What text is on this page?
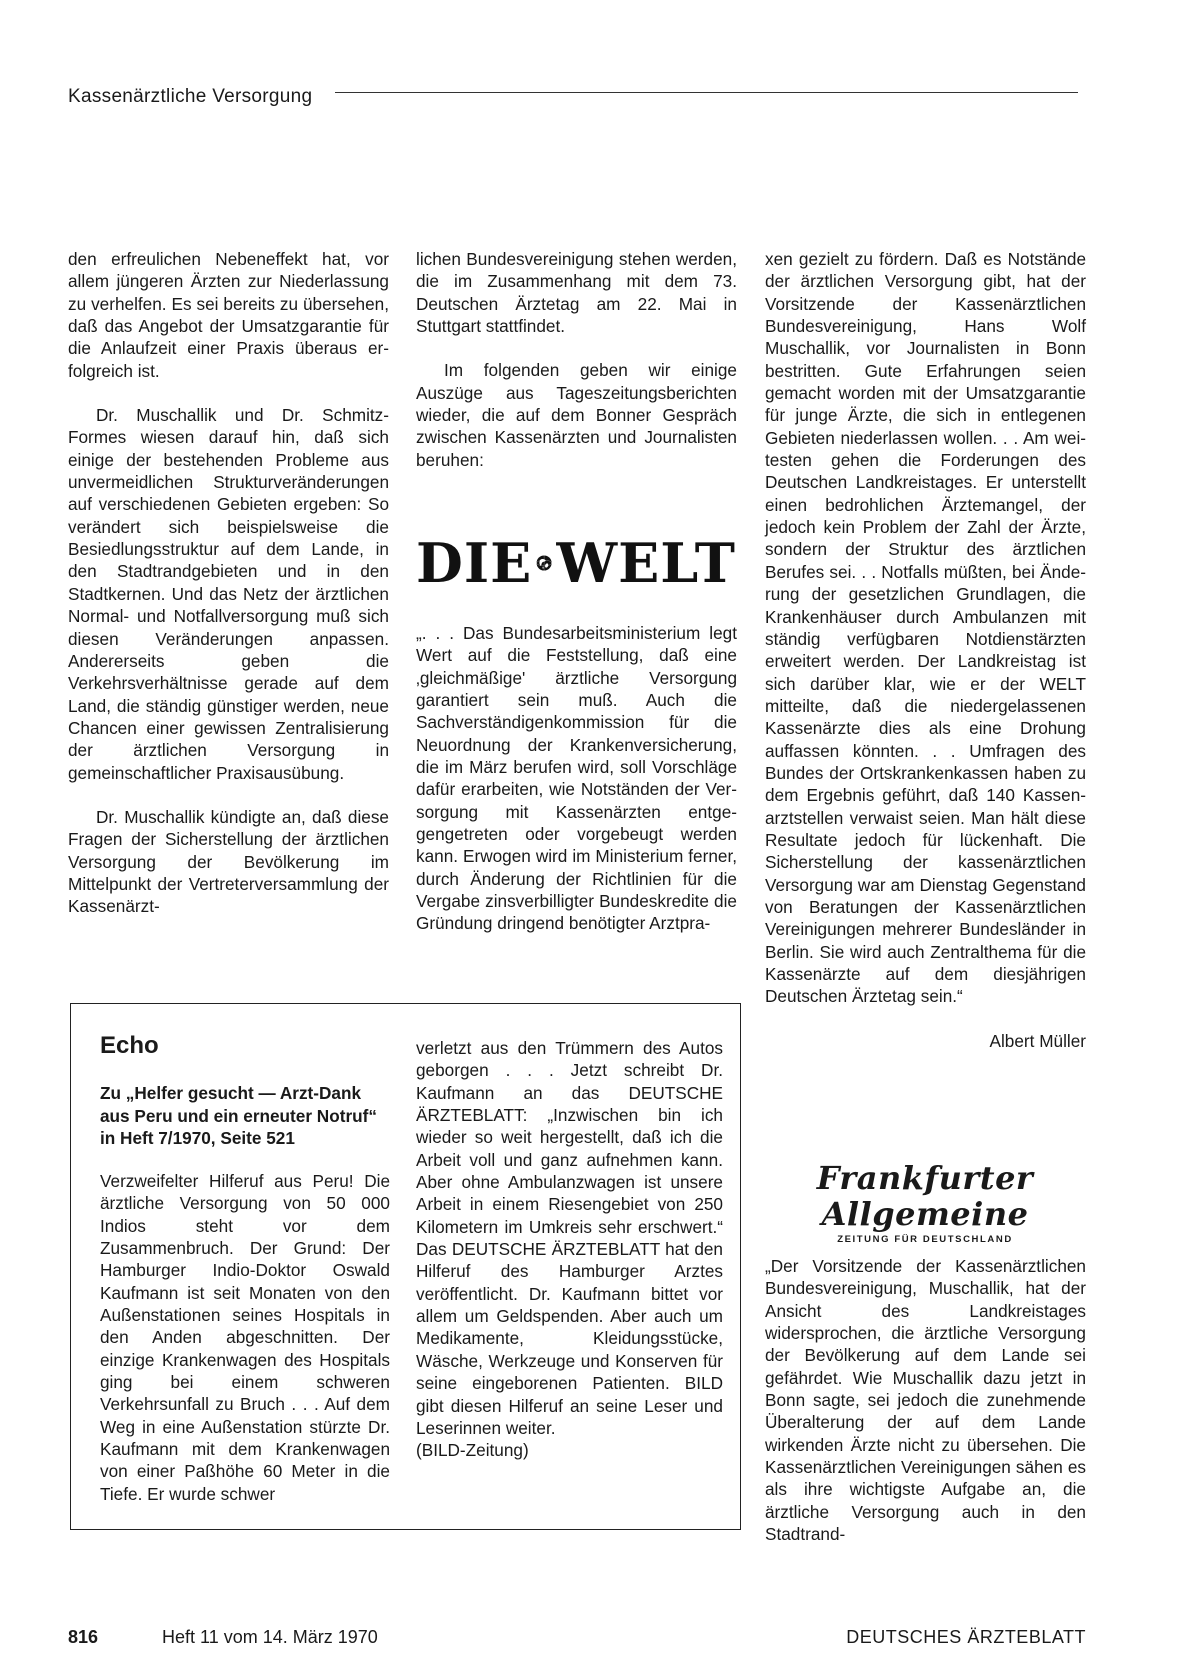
Kassenärztliche Versorgung

den erfreulichen Nebeneffekt hat, vor allem jüngeren Ärzten zur Niederlassung zu verhelfen. Es sei bereits zu übersehen, daß das Angebot der Umsatzgarantie für die Anlaufzeit einer Praxis überaus erfolgreich ist.

Dr. Muschallik und Dr. Schmitz-Formes wiesen darauf hin, daß sich einige der bestehenden Probleme aus unvermeidlichen Strukturveränderungen auf verschiedenen Gebieten ergeben: So verändert sich beispielsweise die Besiedlungsstruktur auf dem Lande, in den Stadtrandgebieten und in den Stadtkernen. Und das Netz der ärztlichen Normal- und Notfallversorgung muß sich diesen Veränderungen anpassen. Andererseits geben die Verkehrsverhältnisse gerade auf dem Land, die ständig günstiger werden, neue Chancen einer gewissen Zentralisierung der ärztlichen Versorgung in gemeinschaftlicher Praxisausübung.

Dr. Muschallik kündigte an, daß diese Fragen der Sicherstellung der ärztlichen Versorgung der Bevölkerung im Mittelpunkt der Vertreterversammlung der Kassenärzt-

lichen Bundesvereinigung stehen werden, die im Zusammenhang mit dem 73. Deutschen Ärztetag am 22. Mai in Stuttgart stattfindet.

Im folgenden geben wir einige Auszüge aus Tageszeitungsberichten wieder, die auf dem Bonner Gespräch zwischen Kassenärzten und Journalisten beruhen:

DIE WELT

„. . . Das Bundesarbeitsministerium legt Wert auf die Feststellung, daß eine ‚gleichmäßige' ärztliche Versorgung garantiert sein muß. Auch die Sachverständigenkommission für die Neuordnung der Krankenversicherung, die im März berufen wird, soll Vorschläge dafür erarbeiten, wie Notständen der Versorgung mit Kassenärzten entgegengetreten oder vorgebeugt werden kann. Erwogen wird im Ministerium ferner, durch Änderung der Richtlinien für die Vergabe zinsverbilligter Bundeskredite die Gründung dringend benötigter Arztpra-

xen gezielt zu fördern. Daß es Notstände der ärztlichen Versorgung gibt, hat der Vorsitzende der Kassenärztlichen Bundesvereinigung, Hans Wolf Muschallik, vor Journalisten in Bonn bestritten. Gute Erfahrungen seien gemacht worden mit der Umsatzgarantie für junge Ärzte, die sich in entlegenen Gebieten niederlassen wollen. . . Am weitesten gehen die Forderungen des Deutschen Landkreistages. Er unterstellt einen bedrohlichen Ärztemangel, der jedoch kein Problem der Zahl der Ärzte, sondern der Struktur des ärztlichen Berufes sei. . . Notfalls müßten, bei Änderung der gesetzlichen Grundlagen, die Krankenhäuser durch Ambulanzen mit ständig verfügbaren Notdienstärzten erweitert werden. Der Landkreistag ist sich darüber klar, wie er der WELT mitteilte, daß die niedergelassenen Kassenärzte dies als eine Drohung auffassen könnten. . . Umfragen des Bundes der Ortskrankenkassen haben zu dem Ergebnis geführt, daß 140 Kassenarztstellen verwaist seien. Man hält diese Resultate jedoch für lückenhaft. Die Sicherstellung der kassenärztlichen Versorgung war am Dienstag Gegenstand von Beratungen der Kassenärztlichen Vereinigungen mehrerer Bundesländer in Berlin. Sie wird auch Zentralthema für die Kassenärzte auf dem diesjährigen Deutschen Ärztetag sein.“

Albert Müller

Frankfurter Allgemeine
ZEITUNG FÜR DEUTSCHLAND

„Der Vorsitzende der Kassenärztlichen Bundesvereinigung, Muschallik, hat der Ansicht des Landkreistages widersprochen, die ärztliche Versorgung der Bevölkerung auf dem Lande sei gefährdet. Wie Muschallik dazu jetzt in Bonn sagte, sei jedoch die zunehmende Überalterung der auf dem Lande wirkenden Ärzte nicht zu übersehen. Die Kassenärztlichen Vereinigungen sähen es als ihre wichtigste Aufgabe an, die ärztliche Versorgung auch in den Stadtrand-

Echo
Zu „Helfer gesucht — Arzt-Dank aus Peru und ein erneuter Notruf“ in Heft 7/1970, Seite 521

Verzweifelter Hilferuf aus Peru! Die ärztliche Versorgung von 50 000 Indios steht vor dem Zusammenbruch. Der Grund: Der Hamburger Indio-Doktor Oswald Kaufmann ist seit Monaten von den Außenstationen seines Hospitals in den Anden abgeschnitten. Der einzige Krankenwagen des Hospitals ging bei einem schweren Verkehrsunfall zu Bruch . . . Auf dem Weg in eine Außenstation stürzte Dr. Kaufmann mit dem Krankenwagen von einer Paßhöhe 60 Meter in die Tiefe. Er wurde schwer

verletzt aus den Trümmern des Autos geborgen . . . Jetzt schreibt Dr. Kaufmann an das DEUTSCHE ÄRZTEBLATT: „Inzwischen bin ich wieder so weit hergestellt, daß ich die Arbeit voll und ganz aufnehmen kann. Aber ohne Ambulanzwagen ist unsere Arbeit in einem Riesengebiet von 250 Kilometern im Umkreis sehr erschwert.“ Das DEUTSCHE ÄRZTEBLATT hat den Hilferuf des Hamburger Arztes veröffentlicht. Dr. Kaufmann bittet vor allem um Geldspenden. Aber auch um Medikamente, Kleidungsstücke, Wäsche, Werkzeuge und Konserven für seine eingeborenen Patienten. BILD gibt diesen Hilferuf an seine Leser und Leserinnen weiter.

(BILD-Zeitung)

816	Heft 11 vom 14. März 1970	DEUTSCHES ÄRZTEBLATT
